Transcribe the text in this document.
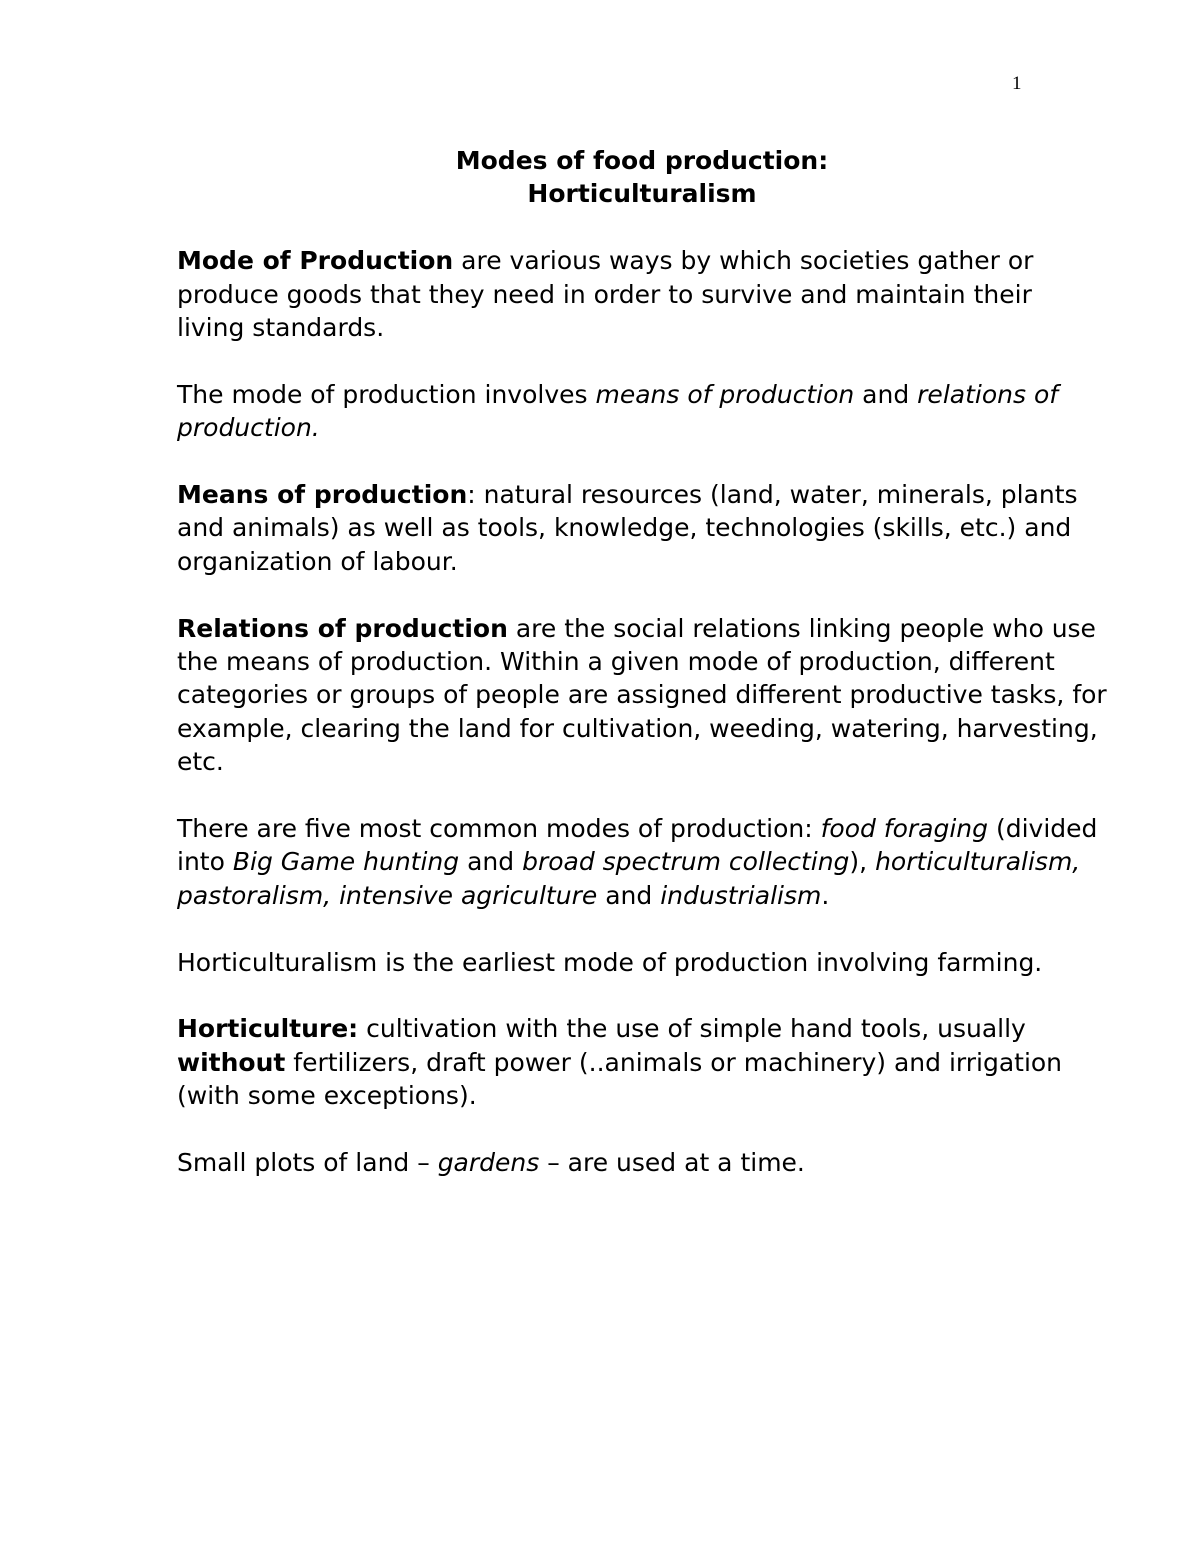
1
Modes of food production:
Horticulturalism

Mode of Production are various ways by which societies gather or produce goods that they need in order to survive and maintain their living standards.

The mode of production involves means of production and relations of production.

Means of production: natural resources (land, water, minerals, plants and animals) as well as tools, knowledge, technologies (skills, etc.) and organization of labour.

Relations of production are the social relations linking people who use the means of production. Within a given mode of production, different categories or groups of people are assigned different productive tasks, for example, clearing the land for cultivation, weeding, watering, harvesting, etc.

There are five most common modes of production: food foraging (divided into Big Game hunting and broad spectrum collecting), horticulturalism, pastoralism, intensive agriculture and industrialism.

Horticulturalism is the earliest mode of production involving farming.

Horticulture: cultivation with the use of simple hand tools, usually without fertilizers, draft power (..animals or machinery) and irrigation (with some exceptions).

Small plots of land – gardens – are used at a time.
